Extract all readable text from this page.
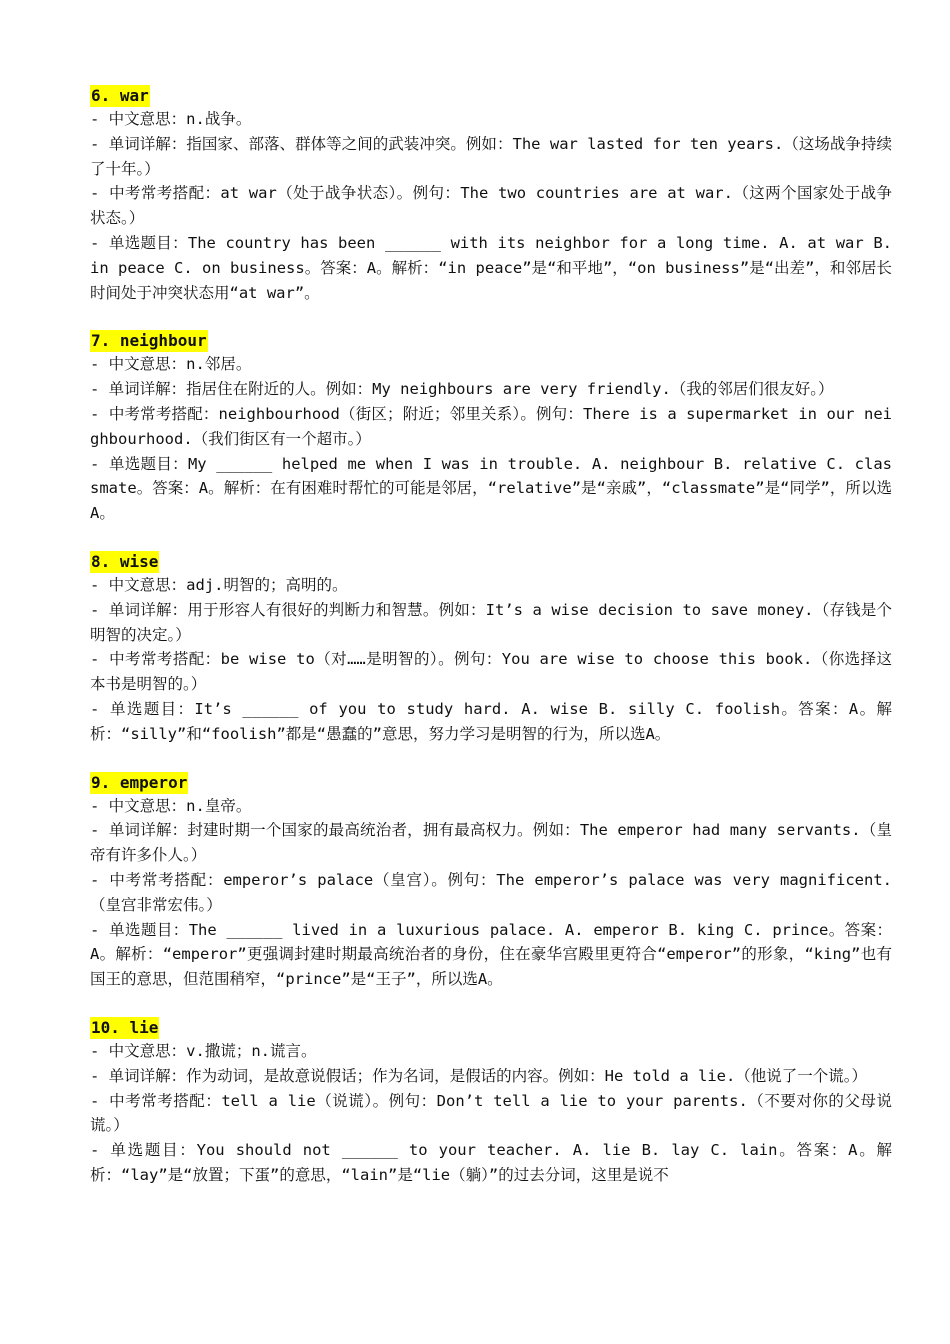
6. war

- 中文意思：n.战争。

- 单词详解：指国家、部落、群体等之间的武装冲突。例如：The war lasted for ten years.（这场战争持续了十年。）

- 中考常考搭配：at war（处于战争状态）。例句：The two countries are at war.（这两个国家处于战争状态。）

- 单选题目：The country has been ______ with its neighbor for a long time. A. at war B. in peace C. on business。答案：A。解析：“in peace”是“和平地”，“on business”是“出差”，和邻居长时间处于冲突状态用“at war”。

7. neighbour

- 中文意思：n.邻居。

- 单词详解：指居住在附近的人。例如：My neighbours are very friendly.（我的邻居们很友好。）

- 中考常考搭配：neighbourhood（街区；附近；邻里关系）。例句：There is a supermarket in our neighbourhood.（我们街区有一个超市。）

- 单选题目：My ______ helped me when I was in trouble. A. neighbour B. relative C. classmate。答案：A。解析：在有困难时帮忙的可能是邻居，“relative”是“亲戚”，“classmate”是“同学”，所以选A。

8. wise

- 中文意思：adj.明智的；高明的。

- 单词详解：用于形容人有很好的判断力和智慧。例如：It’s a wise decision to save money.（存钱是个明智的决定。）

- 中考常考搭配：be wise to（对……是明智的）。例句：You are wise to choose this book.（你选择这本书是明智的。）

- 单选题目：It’s ______ of you to study hard. A. wise B. silly C. foolish。答案：A。解析：“silly”和“foolish”都是“愚蠢的”意思，努力学习是明智的行为，所以选A。

9. emperor

- 中文意思：n.皇帝。

- 单词详解：封建时期一个国家的最高统治者，拥有最高权力。例如：The emperor had many servants.（皇帝有许多仆人。）

- 中考常考搭配：emperor’s palace（皇宫）。例句：The emperor’s palace was very magnificent.（皇宫非常宏伟。）

- 单选题目：The ______ lived in a luxurious palace. A. emperor B. king C. prince。答案：A。解析：“emperor”更强调封建时期最高统治者的身份，住在豪华宫殿里更符合“emperor”的形象，“king”也有国王的意思，但范围稍窄，“prince”是“王子”，所以选A。

10. lie

- 中文意思：v.撒谎；n.谎言。

- 单词详解：作为动词，是故意说假话；作为名词，是假话的内容。例如：He told a lie.（他说了一个谎。）

- 中考常考搭配：tell a lie（说谎）。例句：Don’t tell a lie to your parents.（不要对你的父母说谎。）

- 单选题目：You should not ______ to your teacher. A. lie B. lay C. lain。答案：A。解析：“lay”是“放置；下蛋”的意思，“lain”是“lie（躺）”的过去分词，这里是说不
